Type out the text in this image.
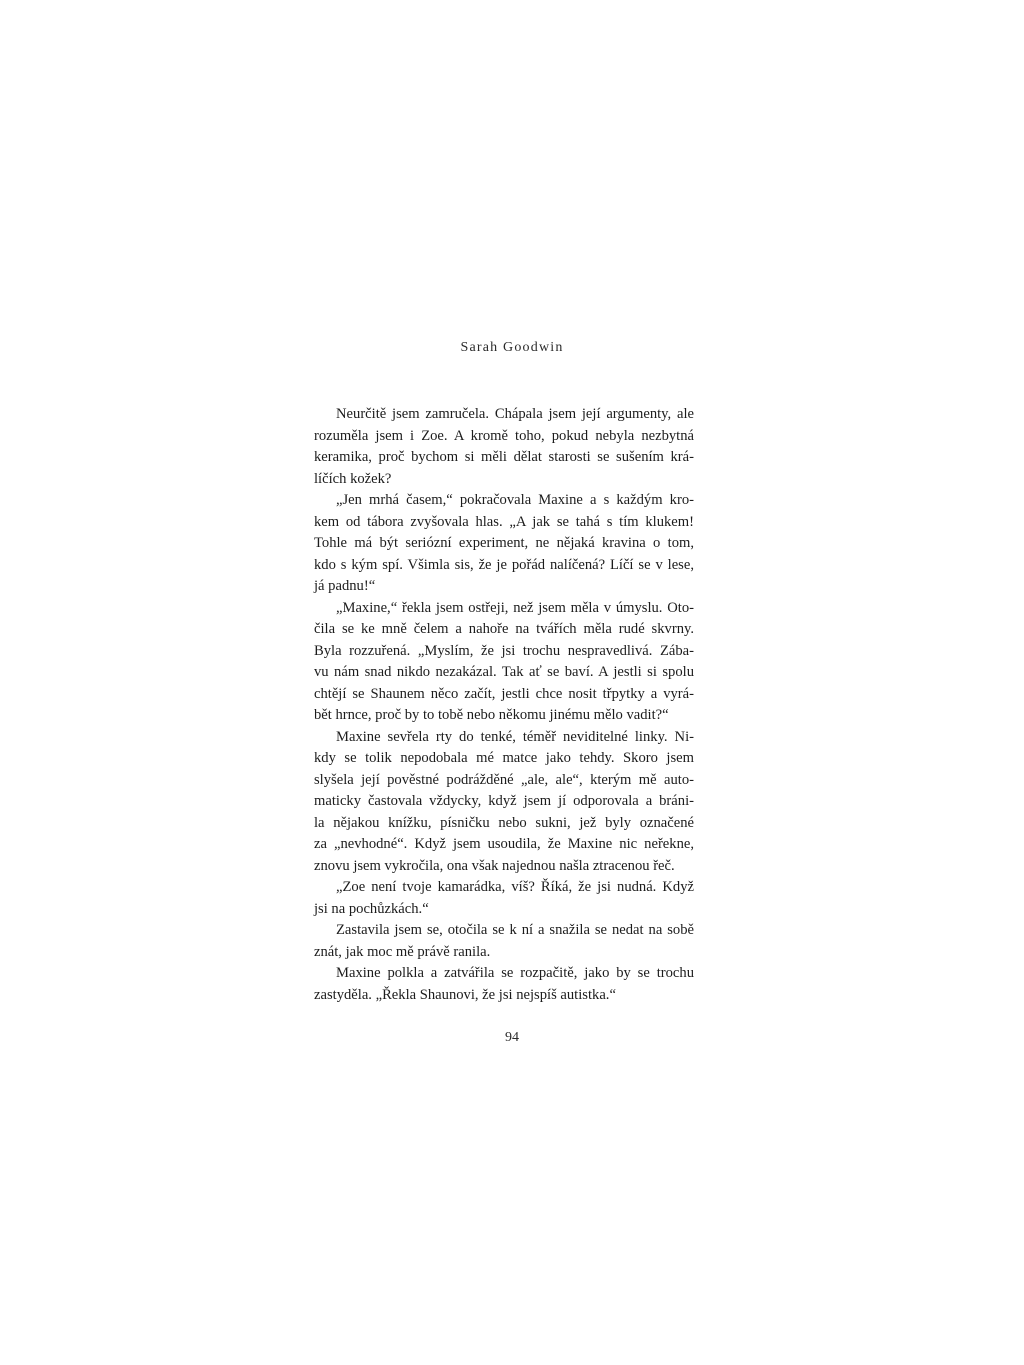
Sarah Goodwin
Neurčitě jsem zamručela. Chápala jsem její argumenty, ale
rozuměla jsem i Zoe. A kromě toho, pokud nebyla nezbytná
keramika, proč bychom si měli dělat starosti se sušením krá-
líčích kožek?
„Jen mrhá časem,“ pokračovala Maxine a s každým kro-
kem od tábora zvyšovala hlas. „A jak se tahá s tím klukem!
Tohle má být seriózní experiment, ne nějaká kravina o tom,
kdo s kým spí. Všimla sis, že je pořád nalíčená? Líčí se v lese,
já padnu!“
„Maxine,“ řekla jsem ostřeji, než jsem měla v úmyslu. Oto-
čila se ke mně čelem a nahoře na tvářích měla rudé skvrny.
Byla rozzuřená. „Myslím, že jsi trochu nespravedlivá. Zába-
vu nám snad nikdo nezakázal. Tak ať se baví. A jestli si spolu
chtějí se Shaunem něco začít, jestli chce nosit třpytky a vyrá-
bět hrnce, proč by to tobě nebo někomu jinému mělo vadit?“
Maxine sevřela rty do tenké, téměř neviditelné linky. Ni-
kdy se tolik nepodobala mé matce jako tehdy. Skoro jsem
slyšela její pověstné podrážděné „ale, ale“, kterým mě auto-
maticky častovala vždycky, když jsem jí odporovala a bráni-
la nějakou knížku, písničku nebo sukni, jež byly označené
za „nevhodné“. Když jsem usoudila, že Maxine nic neřekne,
znovu jsem vykročila, ona však najednou našla ztracenou řeč.
„Zoe není tvoje kamarádka, víš? Říká, že jsi nudná. Když
jsi na pochůzkách.“
Zastavila jsem se, otočila se k ní a snažila se nedat na sobě
znát, jak moc mě právě ranila.
Maxine polkla a zatvářila se rozpačitě, jako by se trochu
zastyděla. „Řekla Shaunovi, že jsi nejspíš autistka.“
94
